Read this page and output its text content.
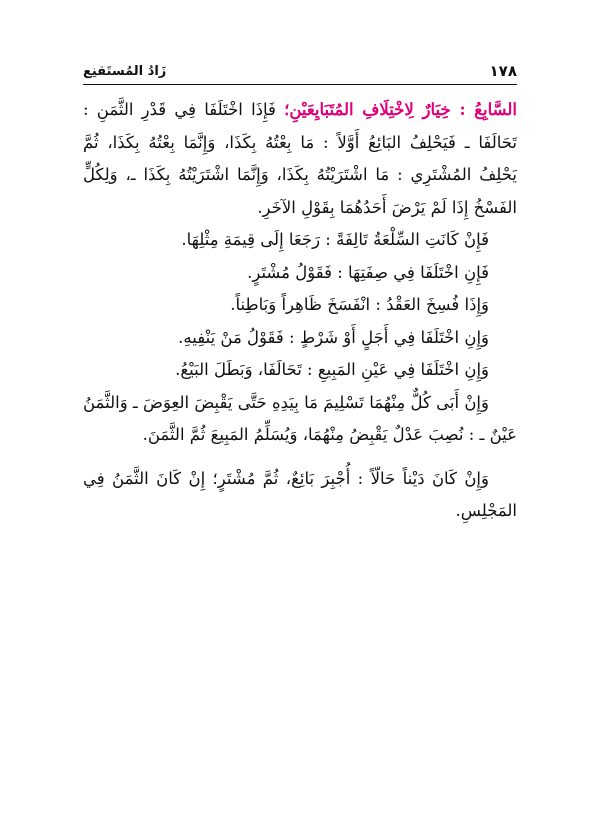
١٧٨
زَادُ المُستَقنِع

السَّابِعُ : خِيَارٌ لِاخْتِلَافِ المُتَبَايِعَيْنِ؛ فَإِذَا اخْتَلَفَا فِي قَدْرِ الثَّمَنِ : تَحَالَفَا ـ فَيَحْلِفُ البَائِعُ أَوَّلاً : مَا بِعْتُهُ بِكَذَا، وَإِنَّمَا بِعْتُهُ بِكَذَا، ثُمَّ يَحْلِفُ المُشْتَرِي : مَا اشْتَرَيْتُهُ بِكَذَا، وَإِنَّمَا اشْتَرَيْتُهُ بِكَذَا ـ، وَلِكُلٍّ الفَسْخُ إِذَا لَمْ يَرْضَ أَحَدُهُمَا بِقَوْلِ الآخَرِ.

فَإِنْ كَانَتِ السِّلْعَةُ تَالِفَةً : رَجَعَا إِلَى قِيمَةِ مِثْلِهَا.

فَإِنِ اخْتَلَفَا فِي صِفَتِهَا : فَقَوْلُ مُشْتَرٍ.

وَإِذَا فُسِخَ العَقْدُ : انْفَسَخَ ظَاهِراً وَبَاطِناً.

وَإِنِ اخْتَلَفَا فِي أَجَلٍ أَوْ شَرْطٍ : فَقَوْلُ مَنْ يَنْفِيهِ.

وَإِنِ اخْتَلَفَا فِي عَيْنِ المَبِيعِ : تَحَالَفَا، وَبَطَلَ البَيْعُ.

وَإِنْ أَبَى كُلٌّ مِنْهُمَا تَسْلِيمَ مَا بِيَدِهِ حَتَّى يَقْبِضَ العِوَضَ ـ وَالثَّمَنُ عَيْنٌ ـ : نُصِبَ عَدْلٌ يَقْبِضُ مِنْهُمَا، وَيُسَلِّمُ المَبِيعَ ثُمَّ الثَّمَنَ.

وَإِنْ كَانَ دَيْناً حَالّاً : أُجْبِرَ بَائِعٌ، ثُمَّ مُشْتَرٍ؛ إِنْ كَانَ الثَّمَنُ فِي المَجْلِسِ.
